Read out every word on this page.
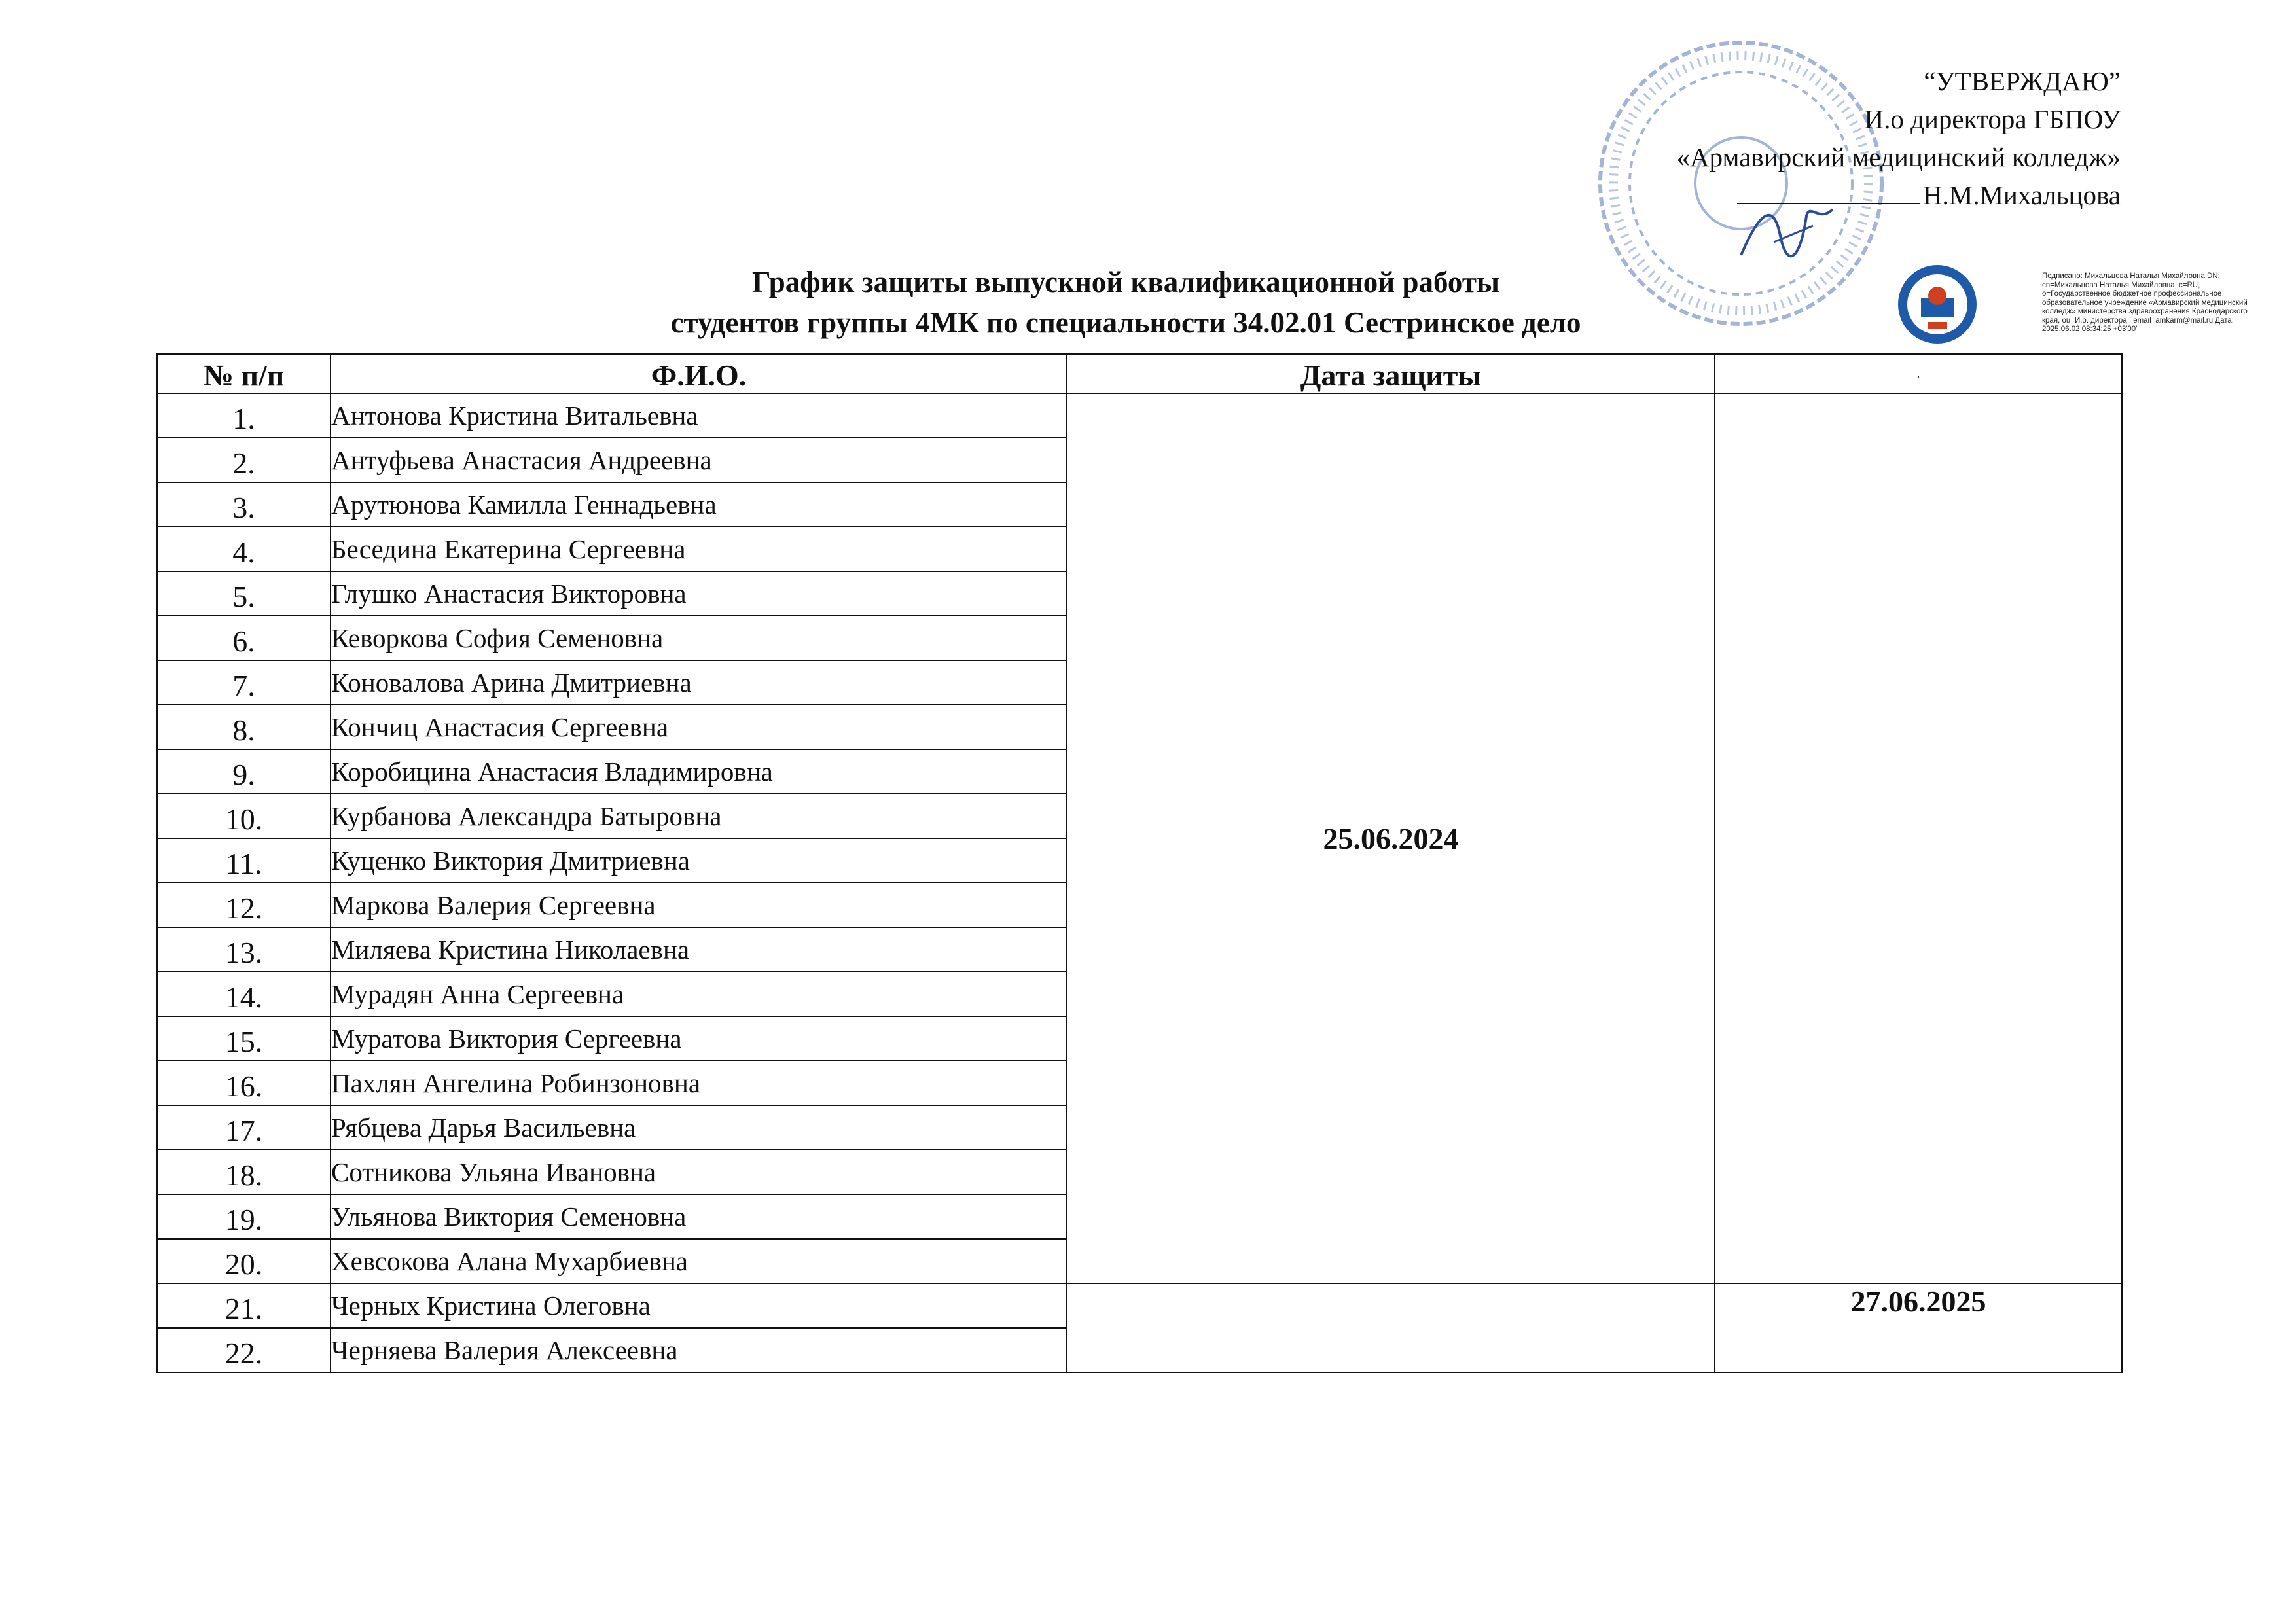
“УТВЕРЖДАЮ”
И.о директора ГБПОУ
«Армавирский медицинский колледж»
Н.М.Михальцова
Подписано: Михальцова Наталья Михайловна DN: cn=Михальцова Наталья Михайловна, c=RU, o=Государственное бюджетное профессиональное образовательное учреждение «Армавирский медицинский колледж» министерства здравоохранения Краснодарского края, ou=И.о. директора , email=amkarm@mail.ru Дата: 2025.06.02 08:34:25 +03'00'
График защиты выпускной квалификационной работы
студентов группы 4МК по специальности 34.02.01 Сестринское дело
№ п/п	Ф.И.О.	Дата защиты	.
1.	Антонова Кристина Витальевна	25.06.2024	
2.	Антуфьева Анастасия Андреевна		
3.	Арутюнова Камилла Геннадьевна		
4.	Беседина Екатерина Сергеевна		
5.	Глушко Анастасия Викторовна		
6.	Кеворкова София Семеновна		
7.	Коновалова Арина Дмитриевна		
8.	Кончиц Анастасия Сергеевна		
9.	Коробицина Анастасия Владимировна		
10.	Курбанова Александра Батыровна		
11.	Куценко Виктория Дмитриевна		
12.	Маркова Валерия Сергеевна		
13.	Миляева Кристина Николаевна		
14.	Мурадян Анна Сергеевна		
15.	Муратова Виктория Сергеевна		
16.	Пахлян Ангелина Робинзоновна		
17.	Рябцева Дарья Васильевна		
18.	Сотникова Ульяна Ивановна		
19.	Ульянова Виктория Семеновна		
20.	Хевсокова Алана Мухарбиевна		
21.	Черных Кристина Олеговна		27.06.2025
22.	Черняева Валерия Алексеевна		
